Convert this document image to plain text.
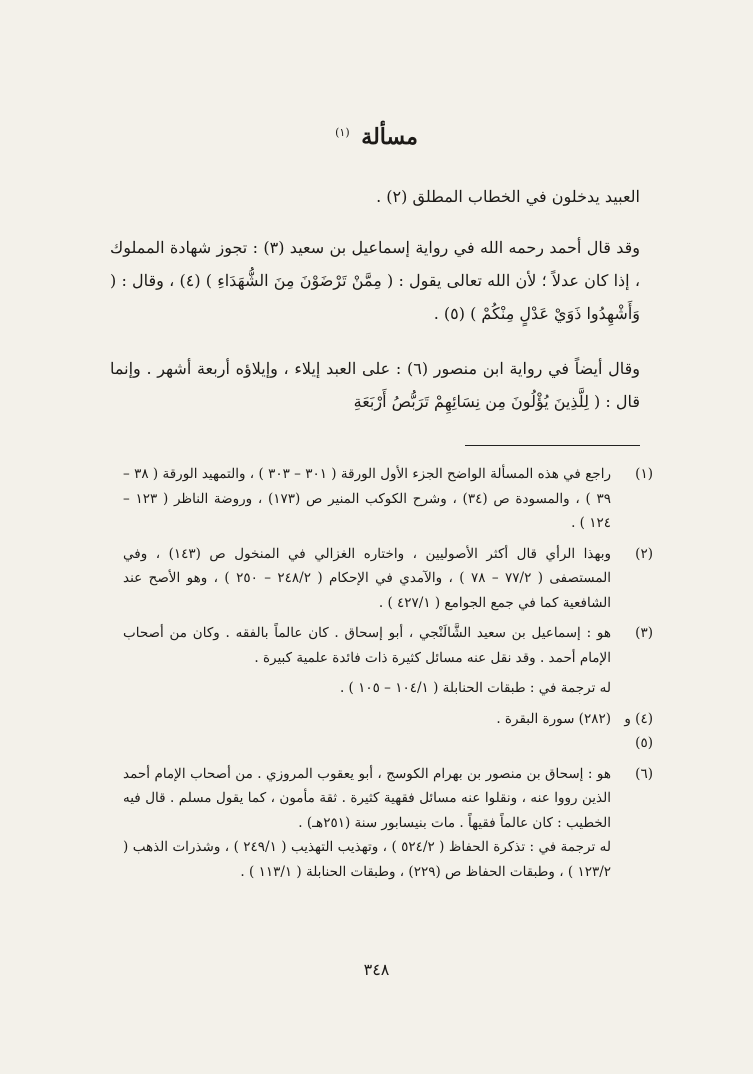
مسألة $^{(١)}$

العبيد يدخلون في الخطاب المطلق (٢) .

وقد قال أحمد رحمه الله في رواية إسماعيل بن سعيد (٣) : تجوز شهادة المملوك ، إذا كان عدلاً ؛ لأن الله تعالى يقول : ( مِمَّنْ تَرْضَوْنَ مِنَ الشُّهَدَاءِ ) (٤) ، وقال : ( وَأَشْهِدُوا ذَوَيْ عَدْلٍ مِنْكُمْ ) (٥) .

وقال أيضاً في رواية ابن منصور (٦) : على العبد إيلاء ، وإيلاؤه أربعة أشهر . وإنما قال : ( لِلَّذِينَ يُؤْلُونَ مِن نِسَائِهِمْ تَرَبُّصُ أَرْبَعَةِ

(١)
راجع في هذه المسألة الواضح الجزء الأول الورقة ( ٣٠١ – ٣٠٣ ) ، والتمهيد الورقة ( ٣٨ – ٣٩ ) ، والمسودة ص (٣٤) ، وشرح الكوكب المنير ص (١٧٣) ، وروضة الناظر ( ١٢٣ – ١٢٤ ) .
(٢)
وبهذا الرأي قال أكثر الأصوليين ، واختاره الغزالي في المنخول ص (١٤٣) ، وفي المستصفى ( ٧٧/٢ – ٧٨ ) ، والآمدي في الإحكام ( ٢٤٨/٢ – ٢٥٠ ) ، وهو الأصح عند الشافعية كما في جمع الجوامع ( ٤٢٧/١ ) .
(٣)
هو : إسماعيل بن سعيد الشَّالَنْجي ، أبو إسحاق . كان عالماً بالفقه . وكان من أصحاب الإمام أحمد . وقد نقل عنه مسائل كثيرة ذات فائدة علمية كبيرة .
له ترجمة في : طبقات الحنابلة ( ١٠٤/١ – ١٠٥ ) .
(٤) و (٥)
(٢٨٢) سورة البقرة .
(٦)
هو : إسحاق بن منصور بن بهرام الكوسج ، أبو يعقوب المروزي . من أصحاب الإمام أحمد الذين رووا عنه ، ونقلوا عنه مسائل فقهية كثيرة . ثقة مأمون ، كما يقول مسلم . قال فيه الخطيب : كان عالماً فقيهاً . مات بنيسابور سنة (٢٥١هـ) .
له ترجمة في : تذكرة الحفاظ ( ٥٢٤/٢ ) ، وتهذيب التهذيب ( ٢٤٩/١ ) ، وشذرات الذهب ( ١٢٣/٢ ) ، وطبقات الحفاظ ص (٢٢٩) ، وطبقات الحنابلة ( ١١٣/١ ) .
٣٤٨
